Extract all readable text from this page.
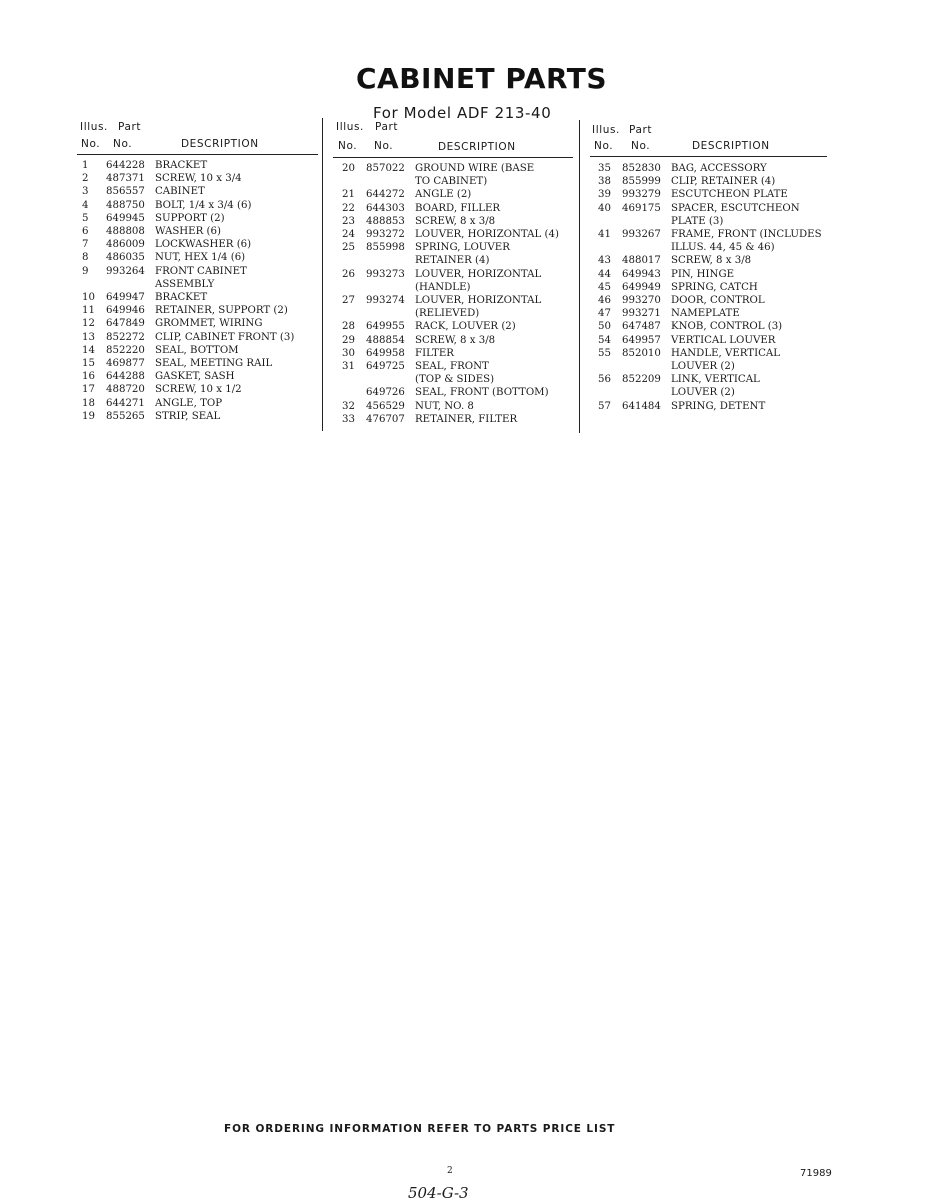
CABINET PARTS
For Model ADF 213-40
Illus. Part
No. No.	DESCRIPTION
1	644228 BRACKET
2	487371 SCREW, 10 x 3/4
3	856557 CABINET
4	488750 BOLT, 1/4 x 3/4 (6)
5	649945 SUPPORT (2)
6	488808 WASHER (6)
7	486009 LOCKWASHER (6)
8	486035 NUT, HEX 1/4 (6)
9	993264 FRONT CABINET
ASSEMBLY
10	649947 BRACKET
11	649946 RETAINER, SUPPORT (2)
12	647849 GROMMET, WIRING
13	852272 CLIP, CABINET FRONT (3)
14	852220 SEAL, BOTTOM
15	469877 SEAL, MEETING RAIL
16	644288 GASKET, SASH
17	488720 SCREW, 10 x 1/2
18	644271 ANGLE, TOP
19	855265 STRIP, SEAL
Illus. Part
No. No.	DESCRIPTION
20	857022 GROUND WIRE (BASE
TO CABINET)
21	644272 ANGLE (2)
22	644303 BOARD, FILLER
23	488853 SCREW, 8 x 3/8
24	993272 LOUVER, HORIZONTAL (4)
25	855998 SPRING, LOUVER
RETAINER (4)
26	993273 LOUVER, HORIZONTAL
(HANDLE)
27	993274 LOUVER, HORIZONTAL
(RELIEVED)
28	649955 RACK, LOUVER (2)
29	488854 SCREW, 8 x 3/8
30	649958 FILTER
31	649725 SEAL, FRONT
(TOP & SIDES)
649726 SEAL, FRONT (BOTTOM)
32	456529 NUT, NO. 8
33	476707 RETAINER, FILTER
Illus. Part
No. No.	DESCRIPTION
35	852830 BAG, ACCESSORY
38	855999 CLIP, RETAINER (4)
39	993279 ESCUTCHEON PLATE
40	469175 SPACER, ESCUTCHEON
PLATE (3)
41	993267 FRAME, FRONT (INCLUDES
ILLUS. 44, 45 & 46)
43	488017 SCREW, 8 x 3/8
44	649943 PIN, HINGE
45	649949 SPRING, CATCH
46	993270 DOOR, CONTROL
47	993271 NAMEPLATE
50	647487 KNOB, CONTROL (3)
54	649957 VERTICAL LOUVER
55	852010 HANDLE, VERTICAL
LOUVER (2)
56	852209 LINK, VERTICAL
LOUVER (2)
57	641484 SPRING, DETENT
FOR ORDERING INFORMATION REFER TO PARTS PRICE LIST
2	71989
504-G-3
